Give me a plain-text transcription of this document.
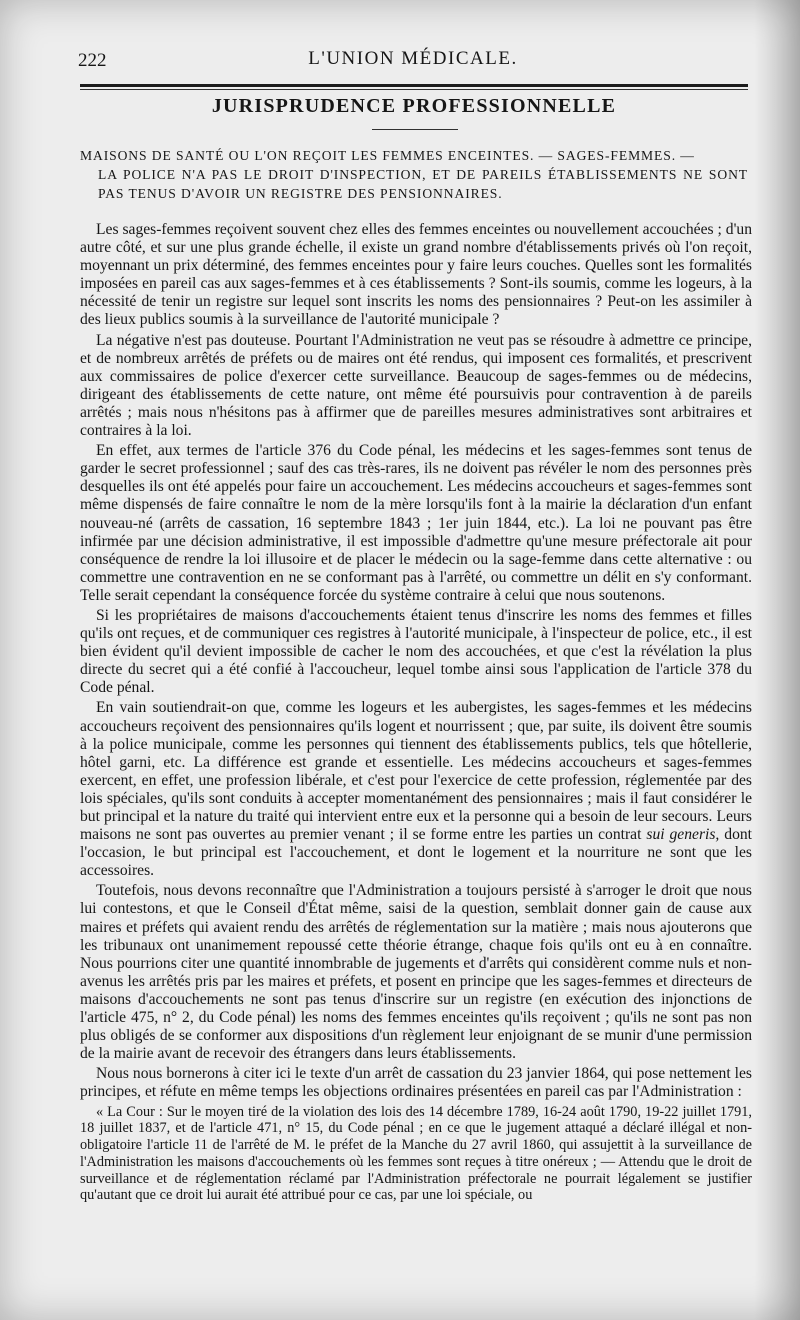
222	L'UNION MÉDICALE.
JURISPRUDENCE PROFESSIONNELLE
MAISONS DE SANTÉ OU L'ON REÇOIT LES FEMMES ENCEINTES. — SAGES-FEMMES. —
LA POLICE N'A PAS LE DROIT D'INSPECTION, ET DE PAREILS ÉTABLISSEMENTS NE SONT PAS TENUS D'AVOIR UN REGISTRE DES PENSIONNAIRES.

Les sages-femmes reçoivent souvent chez elles des femmes enceintes ou nouvellement accouchées ; d'un autre côté, et sur une plus grande échelle, il existe un grand nombre d'établissements privés où l'on reçoit, moyennant un prix déterminé, des femmes enceintes pour y faire leurs couches. Quelles sont les formalités imposées en pareil cas aux sages-femmes et à ces établissements ? Sont-ils soumis, comme les logeurs, à la nécessité de tenir un registre sur lequel sont inscrits les noms des pensionnaires ? Peut-on les assimiler à des lieux publics soumis à la surveillance de l'autorité municipale ?

La négative n'est pas douteuse. Pourtant l'Administration ne veut pas se résoudre à admettre ce principe, et de nombreux arrêtés de préfets ou de maires ont été rendus, qui imposent ces formalités, et prescrivent aux commissaires de police d'exercer cette surveillance. Beaucoup de sages-femmes ou de médecins, dirigeant des établissements de cette nature, ont même été poursuivis pour contravention à de pareils arrêtés ; mais nous n'hésitons pas à affirmer que de pareilles mesures administratives sont arbitraires et contraires à la loi.

En effet, aux termes de l'article 376 du Code pénal, les médecins et les sages-femmes sont tenus de garder le secret professionnel ; sauf des cas très-rares, ils ne doivent pas révéler le nom des personnes près desquelles ils ont été appelés pour faire un accouchement. Les médecins accoucheurs et sages-femmes sont même dispensés de faire connaître le nom de la mère lorsqu'ils font à la mairie la déclaration d'un enfant nouveau-né (arrêts de cassation, 16 septembre 1843 ; 1er juin 1844, etc.). La loi ne pouvant pas être infirmée par une décision administrative, il est impossible d'admettre qu'une mesure préfectorale ait pour conséquence de rendre la loi illusoire et de placer le médecin ou la sage-femme dans cette alternative : ou commettre une contravention en ne se conformant pas à l'arrêté, ou commettre un délit en s'y conformant. Telle serait cependant la conséquence forcée du système contraire à celui que nous soutenons.

Si les propriétaires de maisons d'accouchements étaient tenus d'inscrire les noms des femmes et filles qu'ils ont reçues, et de communiquer ces registres à l'autorité municipale, à l'inspecteur de police, etc., il est bien évident qu'il devient impossible de cacher le nom des accouchées, et que c'est la révélation la plus directe du secret qui a été confié à l'accoucheur, lequel tombe ainsi sous l'application de l'article 378 du Code pénal.

En vain soutiendrait-on que, comme les logeurs et les aubergistes, les sages-femmes et les médecins accoucheurs reçoivent des pensionnaires qu'ils logent et nourrissent ; que, par suite, ils doivent être soumis à la police municipale, comme les personnes qui tiennent des établissements publics, tels que hôtellerie, hôtel garni, etc. La différence est grande et essentielle. Les médecins accoucheurs et sages-femmes exercent, en effet, une profession libérale, et c'est pour l'exercice de cette profession, réglementée par des lois spéciales, qu'ils sont conduits à accepter momentanément des pensionnaires ; mais il faut considérer le but principal et la nature du traité qui intervient entre eux et la personne qui a besoin de leur secours. Leurs maisons ne sont pas ouvertes au premier venant ; il se forme entre les parties un contrat sui generis, dont l'occasion, le but principal est l'accouchement, et dont le logement et la nourriture ne sont que les accessoires.

Toutefois, nous devons reconnaître que l'Administration a toujours persisté à s'arroger le droit que nous lui contestons, et que le Conseil d'État même, saisi de la question, semblait donner gain de cause aux maires et préfets qui avaient rendu des arrêtés de réglementation sur la matière ; mais nous ajouterons que les tribunaux ont unanimement repoussé cette théorie étrange, chaque fois qu'ils ont eu à en connaître. Nous pourrions citer une quantité innombrable de jugements et d'arrêts qui considèrent comme nuls et non-avenus les arrêtés pris par les maires et préfets, et posent en principe que les sages-femmes et directeurs de maisons d'accouchements ne sont pas tenus d'inscrire sur un registre (en exécution des injonctions de l'article 475, n° 2, du Code pénal) les noms des femmes enceintes qu'ils reçoivent ; qu'ils ne sont pas non plus obligés de se conformer aux dispositions d'un règlement leur enjoignant de se munir d'une permission de la mairie avant de recevoir des étrangers dans leurs établissements.

Nous nous bornerons à citer ici le texte d'un arrêt de cassation du 23 janvier 1864, qui pose nettement les principes, et réfute en même temps les objections ordinaires présentées en pareil cas par l'Administration :

« La Cour : Sur le moyen tiré de la violation des lois des 14 décembre 1789, 16-24 août 1790, 19-22 juillet 1791, 18 juillet 1837, et de l'article 471, n° 15, du Code pénal ; en ce que le jugement attaqué a déclaré illégal et non-obligatoire l'article 11 de l'arrêté de M. le préfet de la Manche du 27 avril 1860, qui assujettit à la surveillance de l'Administration les maisons d'accouchements où les femmes sont reçues à titre onéreux ; — Attendu que le droit de surveillance et de réglementation réclamé par l'Administration préfectorale ne pourrait légalement se justifier qu'autant que ce droit lui aurait été attribué pour ce cas, par une loi spéciale, ou
